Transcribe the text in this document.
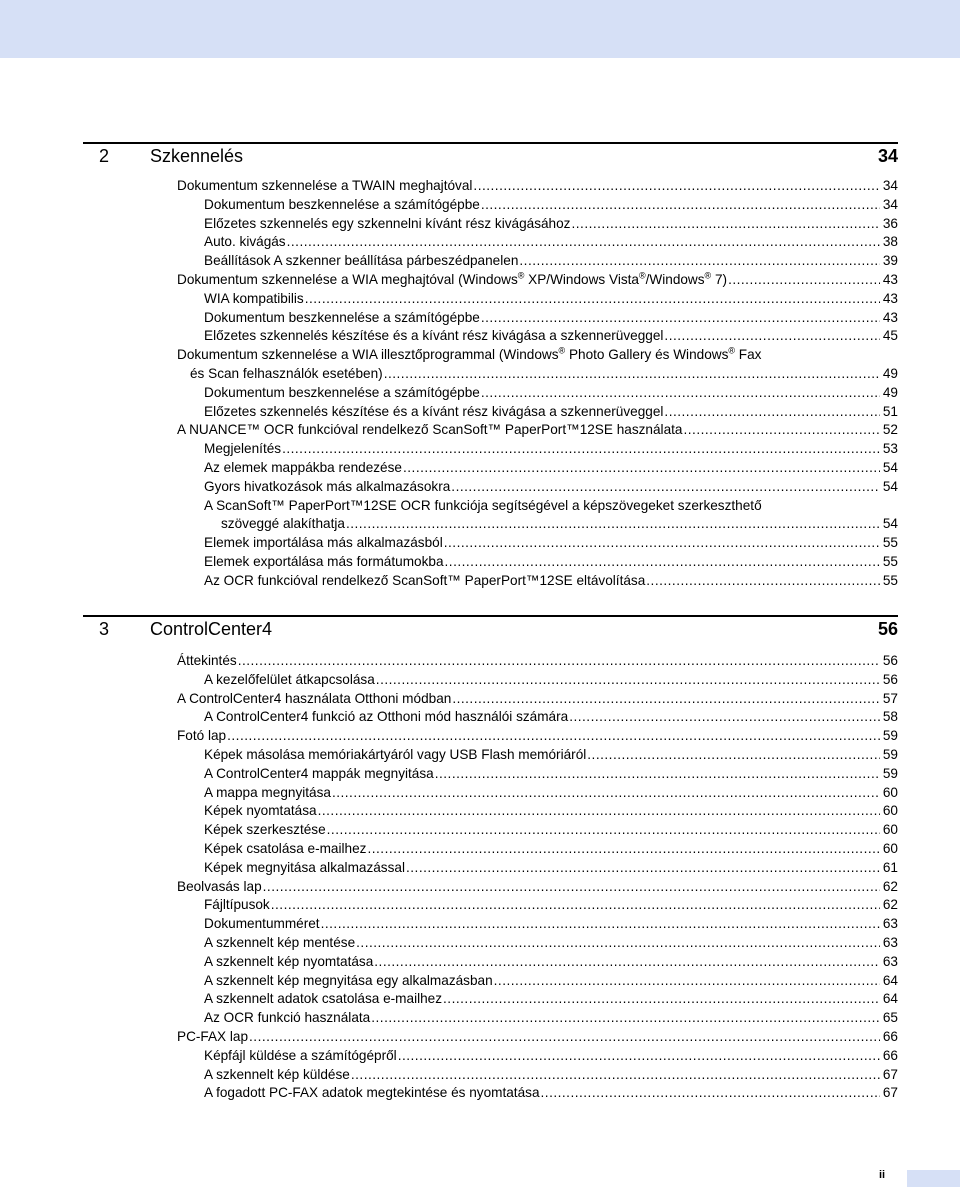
2 Szkennelés	34
Dokumentum szkennelése a TWAIN meghajtóval .....	34
Dokumentum beszkennelése a számítógépbe .....	34
Előzetes szkennelés egy szkennelni kívánt rész kivágásához .....	36
Auto. kivágás .....	38
Beállítások A szkenner beállítása párbeszédpanelen .....	39
Dokumentum szkennelése a WIA meghajtóval (Windows® XP/Windows Vista®/Windows® 7) .....	43
WIA kompatibilis .....	43
Dokumentum beszkennelése a számítógépbe .....	43
Előzetes szkennelés készítése és a kívánt rész kivágása a szkennerüveggel .....	45
Dokumentum szkennelése a WIA illesztőprogrammal (Windows® Photo Gallery és Windows® Fax
és Scan felhasználók esetében) .....	49
Dokumentum beszkennelése a számítógépbe .....	49
Előzetes szkennelés készítése és a kívánt rész kivágása a szkennerüveggel .....	51
A NUANCE™ OCR funkcióval rendelkező ScanSoft™ PaperPort™12SE használata .....	52
Megjelenítés .....	53
Az elemek mappákba rendezése .....	54
Gyors hivatkozások más alkalmazásokra .....	54
A ScanSoft™ PaperPort™12SE OCR funkciója segítségével a képszövegeket szerkeszthető
szöveggé alakíthatja .....	54
Elemek importálása más alkalmazásból .....	55
Elemek exportálása más formátumokba .....	55
Az OCR funkcióval rendelkező ScanSoft™ PaperPort™12SE eltávolítása .....	55
3 ControlCenter4	56
Áttekintés .....	56
A kezelőfelület átkapcsolása .....	56
A ControlCenter4 használata Otthoni módban .....	57
A ControlCenter4 funkció az Otthoni mód használói számára .....	58
Fotó lap .....	59
Képek másolása memóriakártyáról vagy USB Flash memóriáról .....	59
A ControlCenter4 mappák megnyitása .....	59
A mappa megnyitása .....	60
Képek nyomtatása .....	60
Képek szerkesztése .....	60
Képek csatolása e-mailhez .....	60
Képek megnyitása alkalmazással .....	61
Beolvasás lap .....	62
Fájltípusok .....	62
Dokumentumméret .....	63
A szkennelt kép mentése .....	63
A szkennelt kép nyomtatása .....	63
A szkennelt kép megnyitása egy alkalmazásban .....	64
A szkennelt adatok csatolása e-mailhez .....	64
Az OCR funkció használata .....	65
PC-FAX lap .....	66
Képfájl küldése a számítógépről .....	66
A szkennelt kép küldése .....	67
A fogadott PC-FAX adatok megtekintése és nyomtatása .....	67
ii
